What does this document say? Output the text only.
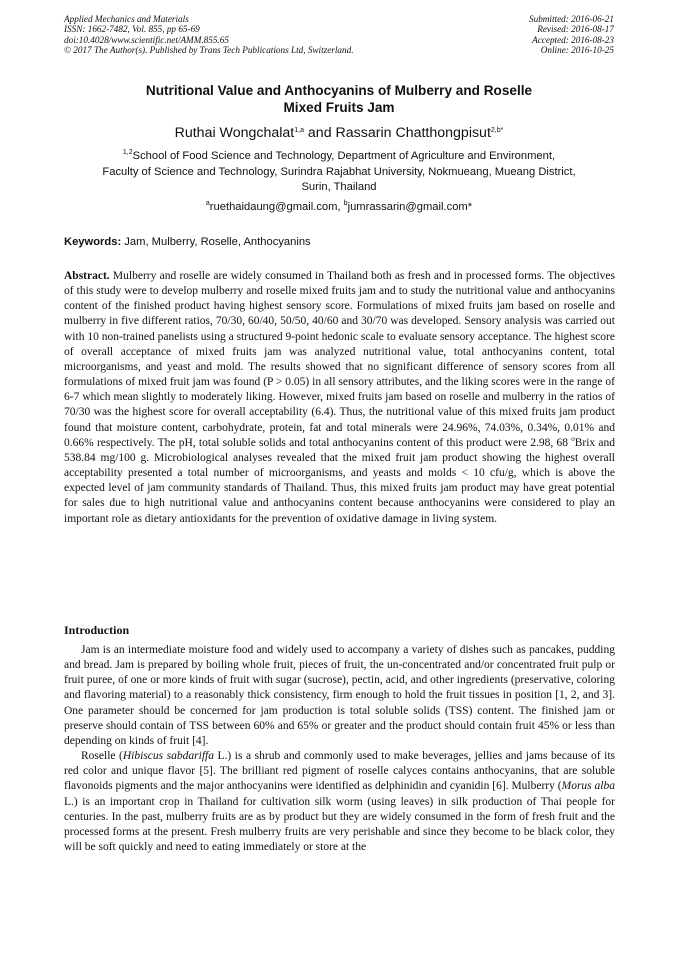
Applied Mechanics and Materials
ISSN: 1662-7482, Vol. 855, pp 65-69
doi:10.4028/www.scientific.net/AMM.855.65
© 2017 The Author(s). Published by Trans Tech Publications Ltd, Switzerland.
Submitted: 2016-06-21
Revised: 2016-08-17
Accepted: 2016-08-23
Online: 2016-10-25
Nutritional Value and Anthocyanins of Mulberry and Roselle
Mixed Fruits Jam
Ruthai Wongchalat$^{1,a}$ and Rassarin Chatthongpisut$^{2,b*}$
$^{1,2}$School of Food Science and Technology, Department of Agriculture and Environment,
Faculty of Science and Technology, Surindra Rajabhat University, Nokmueang, Mueang District,
Surin, Thailand
$^a$ruethaidaung@gmail.com, $^b$jumrassarin@gmail.com*
Keywords: Jam, Mulberry, Roselle, Anthocyanins
Abstract. Mulberry and roselle are widely consumed in Thailand both as fresh and in processed forms. The objectives of this study were to develop mulberry and roselle mixed fruits jam and to study the nutritional value and anthocyanins content of the finished product having highest sensory score. Formulations of mixed fruits jam based on roselle and mulberry in five different ratios, 70/30, 60/40, 50/50, 40/60 and 30/70 was developed. Sensory analysis was carried out with 10 non-trained panelists using a structured 9-point hedonic scale to evaluate sensory acceptance. The highest score of overall acceptance of mixed fruits jam was analyzed nutritional value, total anthocyanins content, total microorganisms, and yeast and mold. The results showed that no significant difference of sensory scores from all formulations of mixed fruit jam was found (P > 0.05) in all sensory attributes, and the liking scores were in the range of 6-7 which mean slightly to moderately liking. However, mixed fruits jam based on roselle and mulberry in the ratios of 70/30 was the highest score for overall acceptability (6.4). Thus, the nutritional value of this mixed fruits jam product found that moisture content, carbohydrate, protein, fat and total minerals were 24.96%, 74.03%, 0.34%, 0.01% and 0.66% respectively. The pH, total soluble solids and total anthocyanins content of this product were 2.98, 68 $^o$Brix and 538.84 mg/100 g. Microbiological analyses revealed that the mixed fruit jam product showing the highest overall acceptability presented a total number of microorganisms, and yeasts and molds < 10 cfu/g, which is above the expected level of jam community standards of Thailand. Thus, this mixed fruits jam product may have great potential for sales due to high nutritional value and anthocyanins content because anthocyanins were considered to play an important role as dietary antioxidants for the prevention of oxidative damage in living system.
Introduction

Jam is an intermediate moisture food and widely used to accompany a variety of dishes such as pancakes, pudding and bread. Jam is prepared by boiling whole fruit, pieces of fruit, the un-concentrated and/or concentrated fruit pulp or fruit puree, of one or more kinds of fruit with sugar (sucrose), pectin, acid, and other ingredients (preservative, coloring and flavoring material) to a reasonably thick consistency, firm enough to hold the fruit tissues in position [1, 2, and 3]. One parameter should be concerned for jam production is total soluble solids (TSS) content. The finished jam or preserve should contain of TSS between 60% and 65% or greater and the product should contain fruit 45% or less than depending on kinds of fruit [4].

Roselle (Hibiscus sabdariffa L.) is a shrub and commonly used to make beverages, jellies and jams because of its red color and unique flavor [5]. The brilliant red pigment of roselle calyces contains anthocyanins, that are soluble flavonoids pigments and the major anthocyanins were identified as delphinidin and cyanidin [6]. Mulberry (Morus alba L.) is an important crop in Thailand for cultivation silk worm (using leaves) in silk production of Thai people for centuries. In the past, mulberry fruits are as by product but they are widely consumed in the form of fresh fruit and the processed forms at the present. Fresh mulberry fruits are very perishable and since they become to be black color, they will be soft quickly and need to eating immediately or store at the
